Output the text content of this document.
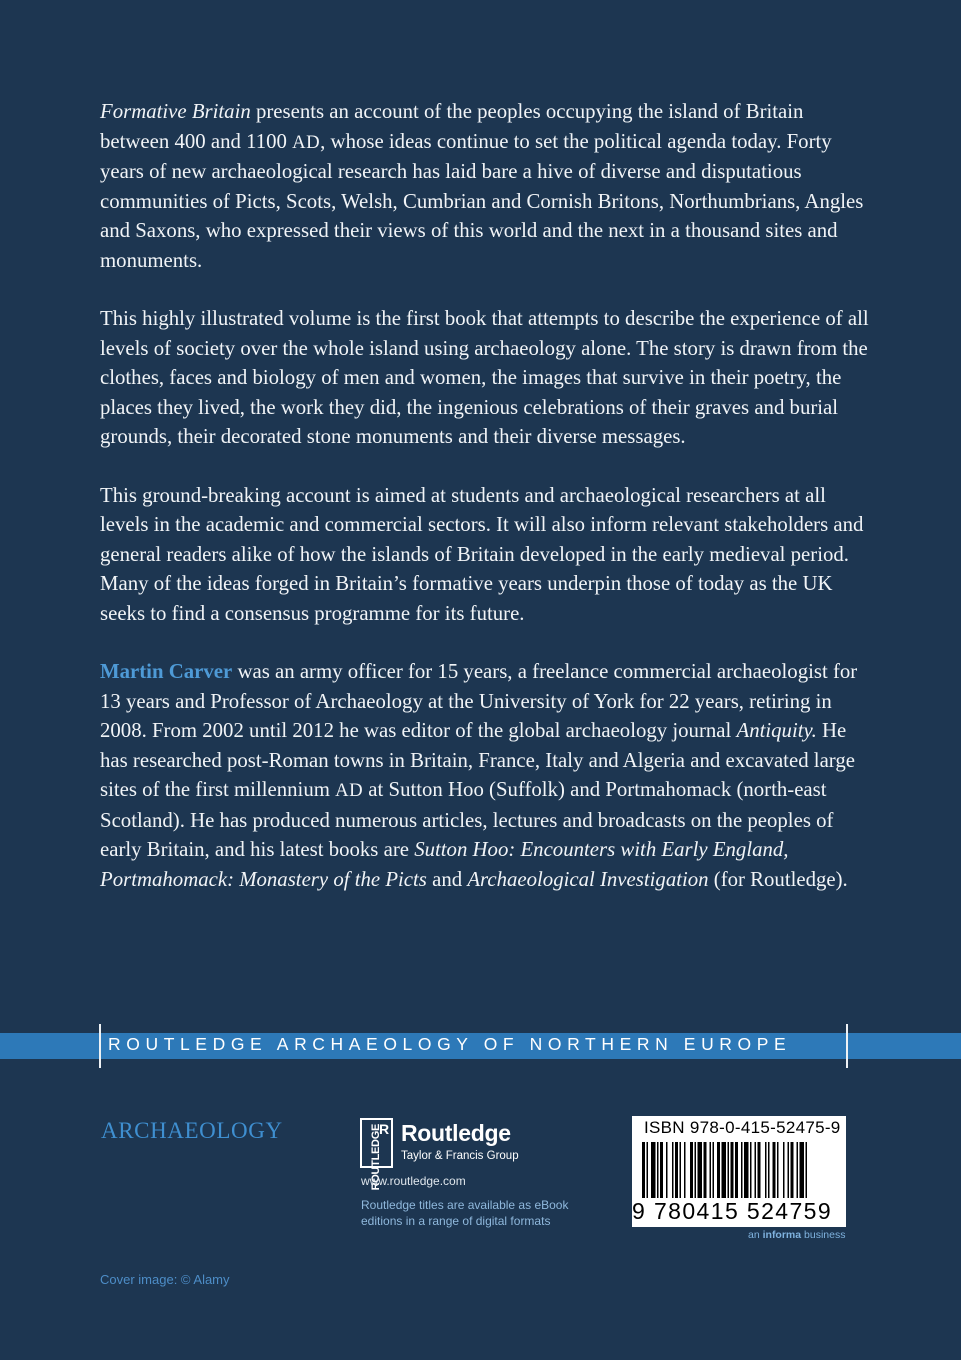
Formative Britain presents an account of the peoples occupying the island of Britain between 400 and 1100 AD, whose ideas continue to set the political agenda today. Forty years of new archaeological research has laid bare a hive of diverse and disputatious communities of Picts, Scots, Welsh, Cumbrian and Cornish Britons, Northumbrians, Angles and Saxons, who expressed their views of this world and the next in a thousand sites and monuments.

This highly illustrated volume is the first book that attempts to describe the experience of all levels of society over the whole island using archaeology alone. The story is drawn from the clothes, faces and biology of men and women, the images that survive in their poetry, the places they lived, the work they did, the ingenious celebrations of their graves and burial grounds, their decorated stone monuments and their diverse messages.

This ground-breaking account is aimed at students and archaeological researchers at all levels in the academic and commercial sectors. It will also inform relevant stakeholders and general readers alike of how the islands of Britain developed in the early medieval period. Many of the ideas forged in Britain’s formative years underpin those of today as the UK seeks to find a consensus programme for its future.

Martin Carver was an army officer for 15 years, a freelance commercial archaeologist for 13 years and Professor of Archaeology at the University of York for 22 years, retiring in 2008. From 2002 until 2012 he was editor of the global archaeology journal Antiquity. He has researched post-Roman towns in Britain, France, Italy and Algeria and excavated large sites of the first millennium AD at Sutton Hoo (Suffolk) and Portmahomack (north-east Scotland). He has produced numerous articles, lectures and broadcasts on the peoples of early Britain, and his latest books are Sutton Hoo: Encounters with Early England, Portmahomack: Monastery of the Picts and Archaeological Investigation (for Routledge).

ROUTLEDGE ARCHAEOLOGY OF NORTHERN EUROPE
ARCHAEOLOGY	ROUTLEDGE
R Routledge
Taylor & Francis Group
www.routledge.com
Routledge titles are available as eBook editions in a range of digital formats
ISBN 978-0-415-52475-9
9 780415 524759
an informa business
Cover image: © Alamy
